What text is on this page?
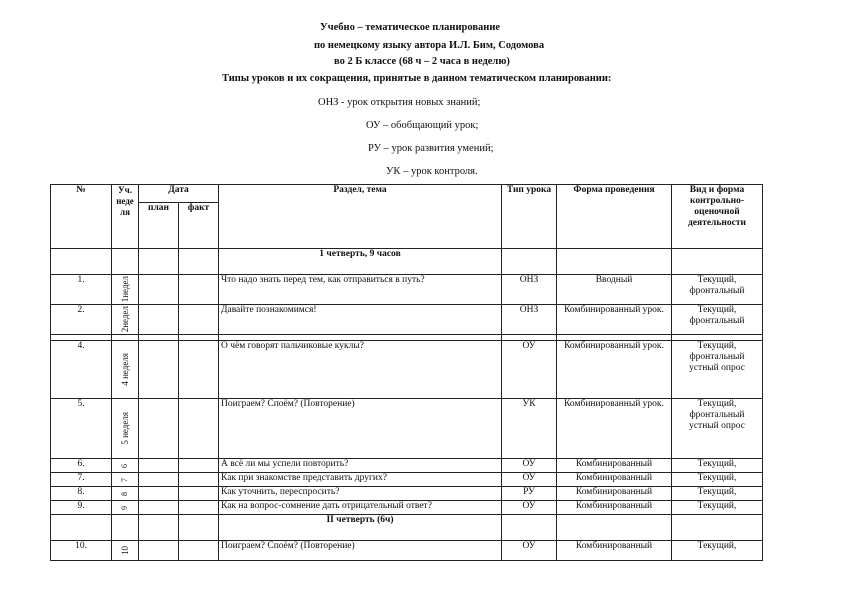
Учебно – тематическое планирование
по немецкому языку автора И.Л. Бим, Содомова
во 2 Б классе (68 ч – 2 часа в неделю)
Типы уроков и их сокращения, принятые в данном тематическом планировании:
ОНЗ - урок открытия новых знаний;
ОУ – обобщающий урок;
РУ – урок развития умений;
УК – урок контроля.
№	Уч. неде ля	Дата		Раздел, тема	Тип урока	Форма проведения	Вид и форма контрольно-оценочной деятельности
		план	факт				
				1 четверть, 9 часов			
1.	1недел			Что надо знать перед тем, как отправиться в путь?	ОНЗ	Вводный	Текущий, фронтальный
2.	2недел			Давайте познакомимся!	ОНЗ	Комбинированный урок.	Текущий, фронтальный

4.	4 неделя			О чём говорят пальчиковые куклы?	ОУ	Комбинированный урок.	Текущий, фронтальный устный опрос
5.	5 неделя			Поиграем? Споём? (Повторение)	УК	Комбинированный урок.	Текущий, фронтальный устный опрос
6.	6			А всё ли мы успели повторить?	ОУ	Комбинированный	Текущий,
7.	7			Как при знакомстве представить других?	ОУ	Комбинированный	Текущий,
8.	8			Как уточнить, переспросить?	РУ	Комбинированный	Текущий,
9.	9			Как на вопрос-сомнение дать отрицательный ответ?	ОУ	Комбинированный	Текущий,
				II четверть (6ч)			
10.	10			Поиграем? Споём? (Повторение)	ОУ	Комбинированный	Текущий,
